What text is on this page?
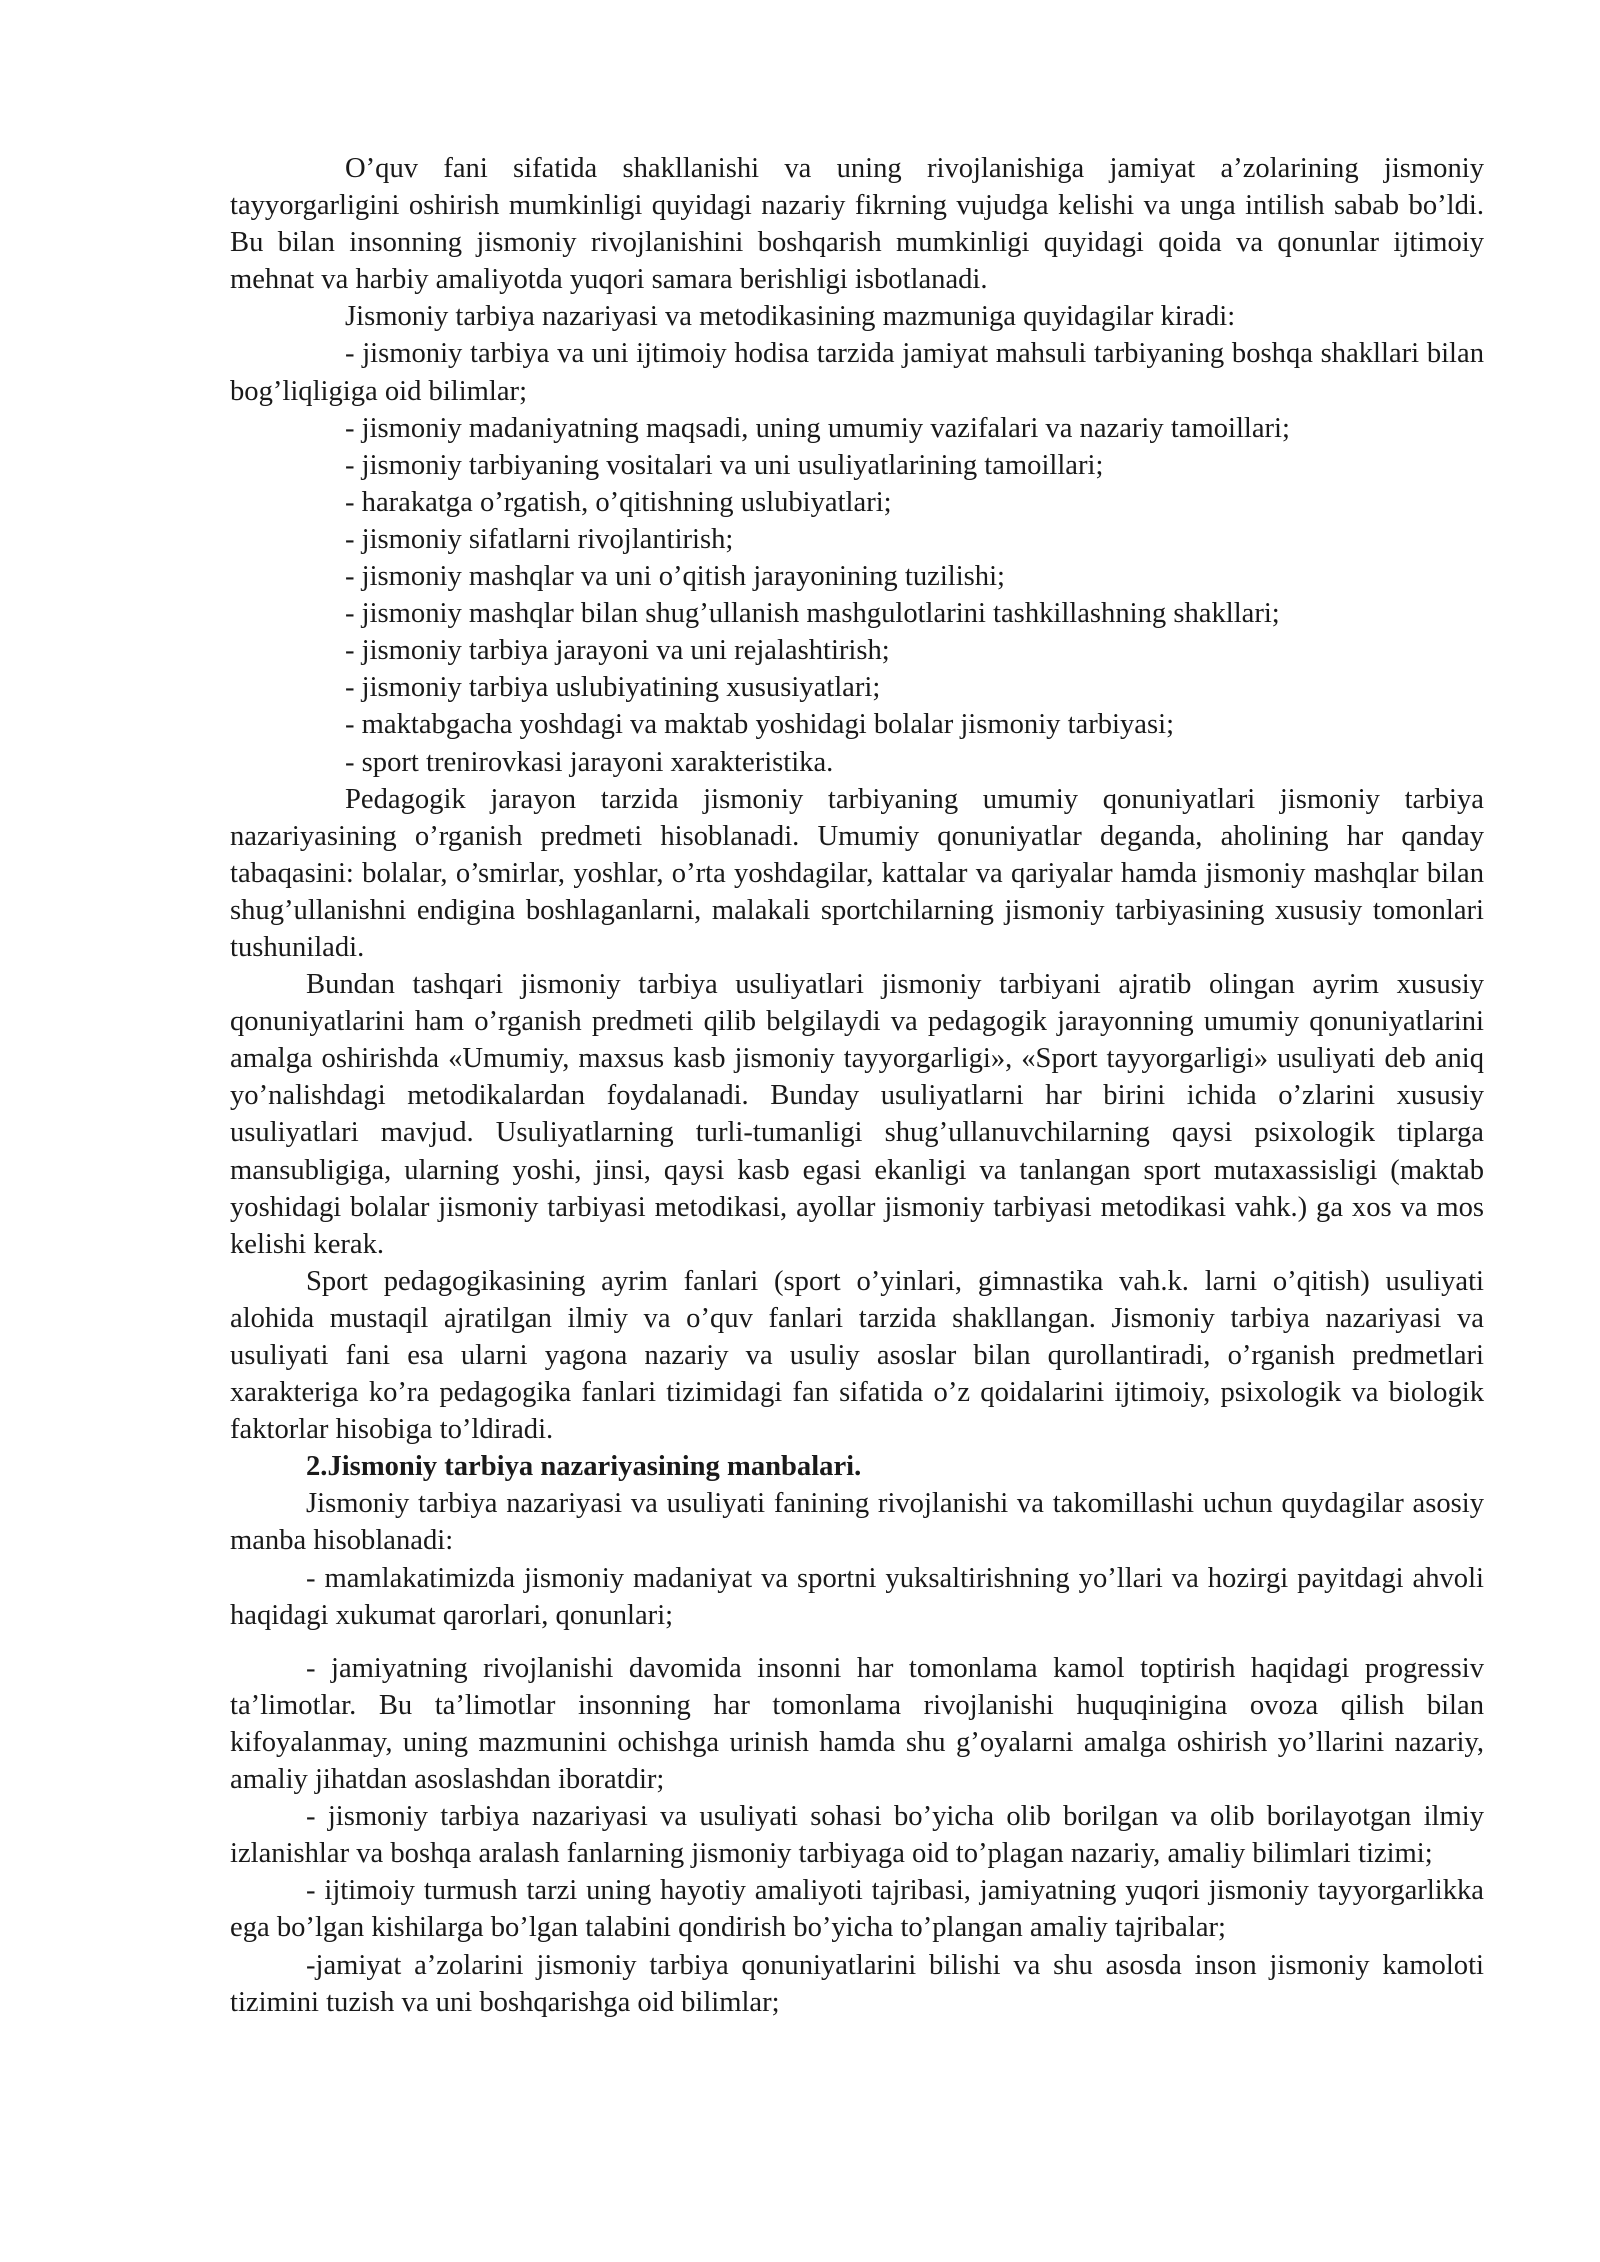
O’quv fani sifatida shakllanishi va uning rivojlanishiga jamiyat a’zolarining jismoniy tayyorgarligini oshirish mumkinligi quyidagi nazariy fikrning vujudga kelishi va unga intilish sabab bo’ldi. Bu bilan insonning jismoniy rivojlanishini boshqarish mumkinligi quyidagi qoida va qonunlar ijtimoiy mehnat va harbiy amaliyotda yuqori samara berishligi isbotlanadi.

Jismoniy tarbiya nazariyasi va metodikasining mazmuniga quyidagilar kiradi:

- jismoniy tarbiya va uni ijtimoiy hodisa tarzida jamiyat mahsuli tarbiyaning boshqa shakllari bilan bog’liqligiga oid bilimlar;

- jismoniy madaniyatning maqsadi, uning umumiy vazifalari va nazariy tamoillari;

- jismoniy tarbiyaning vositalari va uni usuliyatlarining tamoillari;

- harakatga o’rgatish, o’qitishning uslubiyatlari;

- jismoniy sifatlarni rivojlantirish;

- jismoniy mashqlar va uni o’qitish jarayonining tuzilishi;

- jismoniy mashqlar bilan shug’ullanish mashgulotlarini tashkillashning shakllari;

- jismoniy tarbiya jarayoni va uni rejalashtirish;

- jismoniy tarbiya uslubiyatining xususiyatlari;

- maktabgacha yoshdagi va maktab yoshidagi bolalar jismoniy tarbiyasi;

- sport trenirovkasi jarayoni xarakteristika.

Pedagogik jarayon tarzida jismoniy tarbiyaning umumiy qonuniyatlari jismoniy tarbiya nazariyasining o’rganish predmeti hisoblanadi. Umumiy qonuniyatlar deganda, aholining har qanday tabaqasini: bolalar, o’smirlar, yoshlar, o’rta yoshdagilar, kattalar va qariyalar hamda jismoniy mashqlar bilan shug’ullanishni endigina boshlaganlarni, malakali sportchilarning jismoniy tarbiyasining xususiy tomonlari tushuniladi.

Bundan tashqari jismoniy tarbiya usuliyatlari jismoniy tarbiyani ajratib olingan ayrim xususiy qonuniyatlarini ham o’rganish predmeti qilib belgilaydi va pedagogik jarayonning umumiy qonuniyatlarini amalga oshirishda «Umumiy, maxsus kasb jismoniy tayyorgarligi», «Sport tayyorgarligi» usuliyati deb aniq yo’nalishdagi metodikalardan foydalanadi. Bunday usuliyatlarni har birini ichida o’zlarini xususiy usuliyatlari mavjud. Usuliyatlarning turli-tumanligi shug’ullanuvchilarning qaysi psixologik tiplarga mansubligiga, ularning yoshi, jinsi, qaysi kasb egasi ekanligi va tanlangan sport mutaxassisligi (maktab yoshidagi bolalar jismoniy tarbiyasi metodikasi, ayollar jismoniy tarbiyasi metodikasi vahk.) ga xos va mos kelishi kerak.

Sport pedagogikasining ayrim fanlari (sport o’yinlari, gimnastika vah.k. larni o’qitish) usuliyati alohida mustaqil ajratilgan ilmiy va o’quv fanlari tarzida shakllangan. Jismoniy tarbiya nazariyasi va usuliyati fani esa ularni yagona nazariy va usuliy asoslar bilan qurollantiradi, o’rganish predmetlari xarakteriga ko’ra pedagogika fanlari tizimidagi fan sifatida o’z qoidalarini ijtimoiy, psixologik va biologik faktorlar hisobiga to’ldiradi.

2.Jismoniy tarbiya nazariyasining manbalari.

Jismoniy tarbiya nazariyasi va usuliyati fanining rivojlanishi va takomillashi uchun quydagilar asosiy manba hisoblanadi:

- mamlakatimizda jismoniy madaniyat va sportni yuksaltirishning yo’llari va hozirgi payitdagi ahvoli haqidagi xukumat qarorlari, qonunlari;

- jamiyatning rivojlanishi davomida insonni har tomonlama kamol toptirish haqidagi progressiv ta’limotlar. Bu ta’limotlar insonning har tomonlama rivojlanishi huquqinigina ovoza qilish bilan kifoyalanmay, uning mazmunini ochishga urinish hamda shu g’oyalarni amalga oshirish yo’llarini nazariy, amaliy jihatdan asoslashdan iboratdir;

- jismoniy tarbiya nazariyasi va usuliyati sohasi bo’yicha olib borilgan va olib borilayotgan ilmiy izlanishlar va boshqa aralash fanlarning jismoniy tarbiyaga oid to’plagan nazariy, amaliy bilimlari tizimi;

- ijtimoiy turmush tarzi uning hayotiy amaliyoti tajribasi, jamiyatning yuqori jismoniy tayyorgarlikka ega bo’lgan kishilarga bo’lgan talabini qondirish bo’yicha to’plangan amaliy tajribalar;

-jamiyat a’zolarini jismoniy tarbiya qonuniyatlarini bilishi va shu asosda inson jismoniy kamoloti tizimini tuzish va uni boshqarishga oid bilimlar;
